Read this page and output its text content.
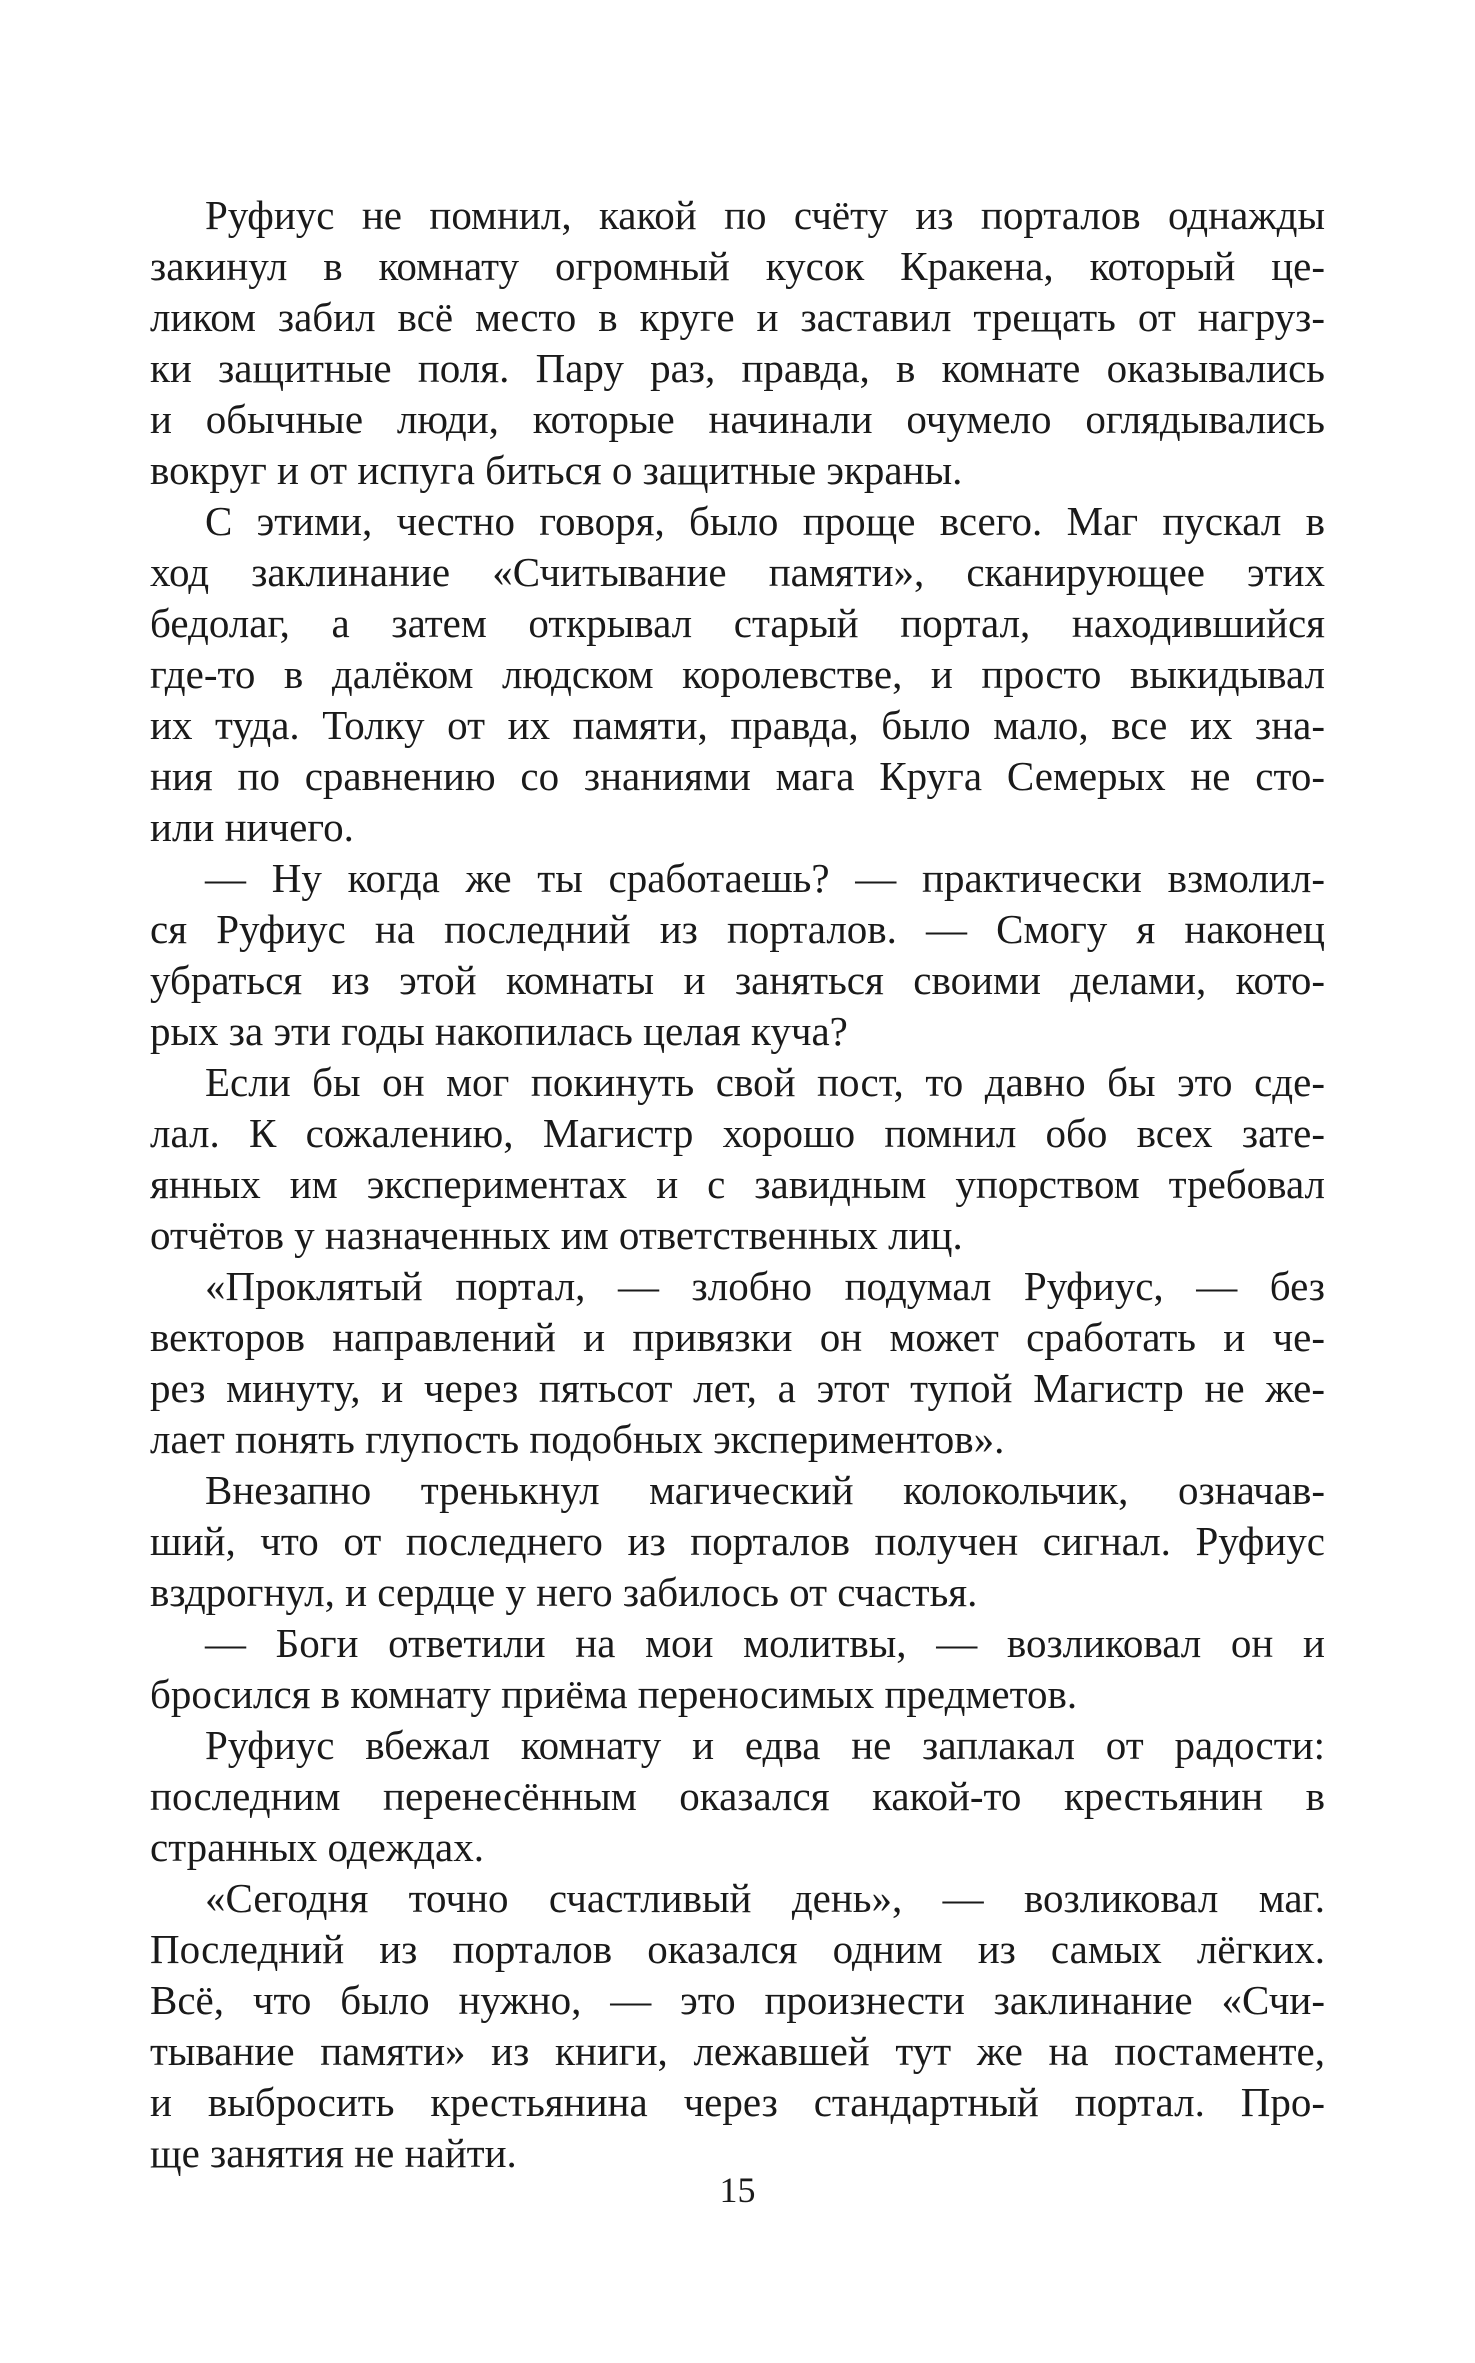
Руфиус не помнил, какой по счёту из порталов однажды
закинул в комнату огромный кусок Кракена, который це-
ликом забил всё место в круге и заставил трещать от нагруз-
ки защитные поля. Пару раз, правда, в комнате оказывались
и обычные люди, которые начинали очумело оглядывались
вокруг и от испуга биться о защитные экраны.
С этими, честно говоря, было проще всего. Маг пускал в
ход заклинание «Считывание памяти», сканирующее этих
бедолаг, а затем открывал старый портал, находившийся
где-то в далёком людском королевстве, и просто выкидывал
их туда. Толку от их памяти, правда, было мало, все их зна-
ния по сравнению со знаниями мага Круга Семерых не сто-
или ничего.
— Ну когда же ты сработаешь? — практически взмолил-
ся Руфиус на последний из порталов. — Смогу я наконец
убраться из этой комнаты и заняться своими делами, кото-
рых за эти годы накопилась целая куча?
Если бы он мог покинуть свой пост, то давно бы это сде-
лал. К сожалению, Магистр хорошо помнил обо всех зате-
янных им экспериментах и с завидным упорством требовал
отчётов у назначенных им ответственных лиц.
«Проклятый портал, — злобно подумал Руфиус, — без
векторов направлений и привязки он может сработать и че-
рез минуту, и через пятьсот лет, а этот тупой Магистр не же-
лает понять глупость подобных экспериментов».
Внезапно тренькнул магический колокольчик, означав-
ший, что от последнего из порталов получен сигнал. Руфиус
вздрогнул, и сердце у него забилось от счастья.
— Боги ответили на мои молитвы, — возликовал он и
бросился в комнату приёма переносимых предметов.
Руфиус вбежал комнату и едва не заплакал от радости:
последним перенесённым оказался какой-то крестьянин в
странных одеждах.
«Сегодня точно счастливый день», — возликовал маг.
Последний из порталов оказался одним из самых лёгких.
Всё, что было нужно, — это произнести заклинание «Счи-
тывание памяти» из книги, лежавшей тут же на постаменте,
и выбросить крестьянина через стандартный портал. Про-
ще занятия не найти.
15
